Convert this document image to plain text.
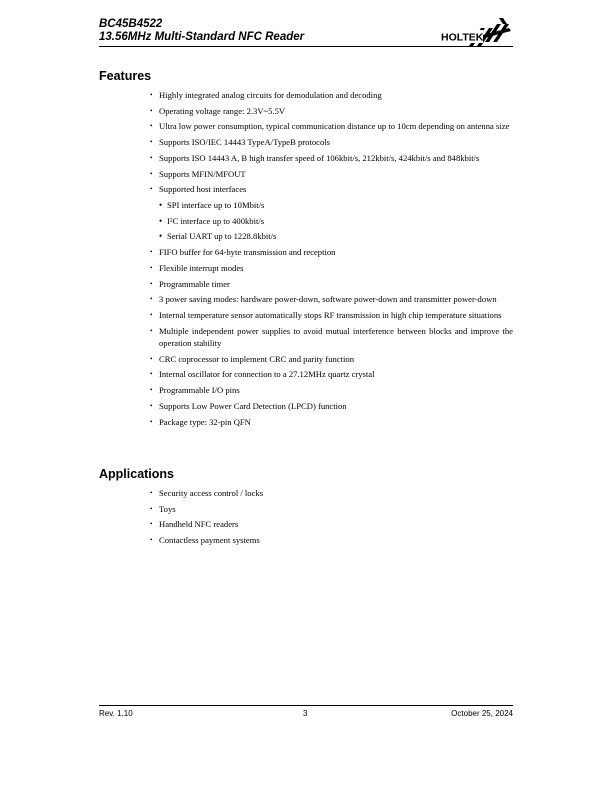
BC45B4522
13.56MHz Multi-Standard NFC Reader	HOLTEK
Features
• Highly integrated analog circuits for demodulation and decoding
• Operating voltage range: 2.3V~5.5V
• Ultra low power consumption, typical communication distance up to 10cm depending on antenna size
• Supports ISO/IEC 14443 TypeA/TypeB protocols
• Supports ISO 14443 A, B high transfer speed of 106kbit/s, 212kbit/s, 424kbit/s and 848kbit/s
• Supports MFIN/MFOUT
• Supported host interfaces
• SPI interface up to 10Mbit/s
• I²C interface up to 400kbit/s
• Serial UART up to 1228.8kbit/s
• FIFO buffer for 64-byte transmission and reception
• Flexible interrupt modes
• Programmable timer
• 3 power saving modes: hardware power-down, software power-down and transmitter power-down
• Internal temperature sensor automatically stops RF transmission in high chip temperature situations
• Multiple independent power supplies to avoid mutual interference between blocks and improve the operation stability
• CRC coprocessor to implement CRC and parity function
• Internal oscillator for connection to a 27.12MHz quartz crystal
• Programmable I/O pins
• Supports Low Power Card Detection (LPCD) function
• Package type: 32-pin QFN
Applications
• Security access control / locks
• Toys
• Handheld NFC readers
• Contactless payment systems
Rev. 1.10	3	October 25, 2024
